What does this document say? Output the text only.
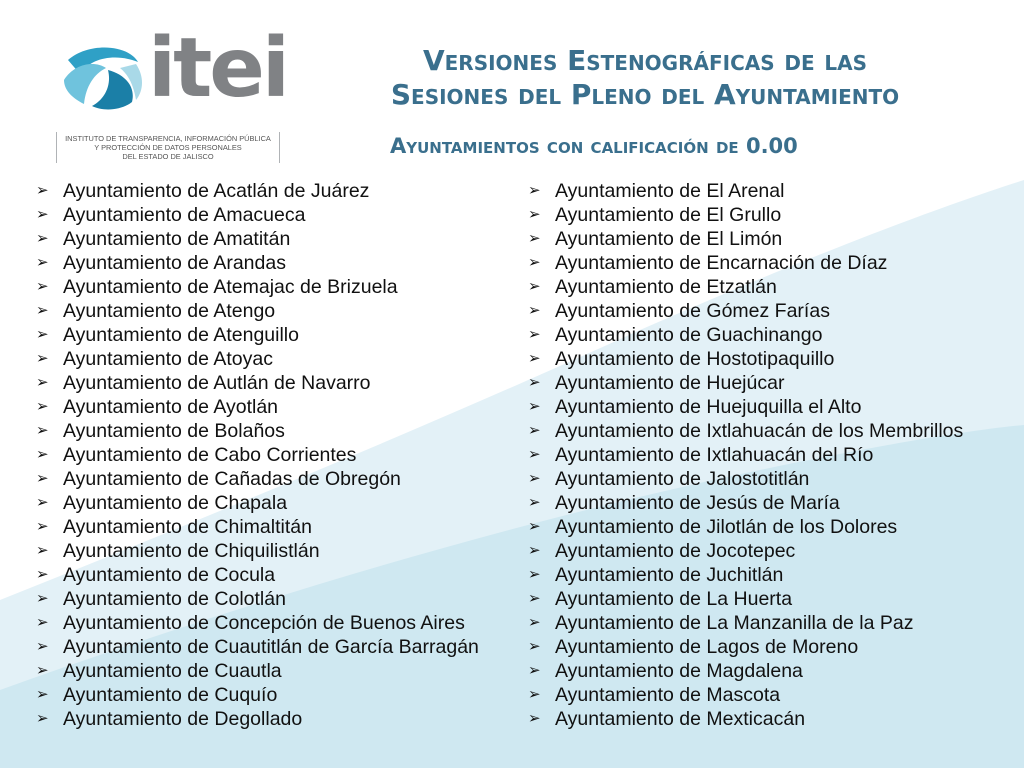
itei
INSTITUTO DE TRANSPARENCIA, INFORMACIÓN PÚBLICA
Y PROTECCIÓN DE DATOS PERSONALES
DEL ESTADO DE JALISCO
Versiones Estenográficas de las
Sesiones del Pleno del Ayuntamiento
Ayuntamientos con calificación de 0.00
➢ Ayuntamiento de Acatlán de Juárez
➢ Ayuntamiento de Amacueca
➢ Ayuntamiento de Amatitán
➢ Ayuntamiento de Arandas
➢ Ayuntamiento de Atemajac de Brizuela
➢ Ayuntamiento de Atengo
➢ Ayuntamiento de Atenguillo
➢ Ayuntamiento de Atoyac
➢ Ayuntamiento de Autlán de Navarro
➢ Ayuntamiento de Ayotlán
➢ Ayuntamiento de Bolaños
➢ Ayuntamiento de Cabo Corrientes
➢ Ayuntamiento de Cañadas de Obregón
➢ Ayuntamiento de Chapala
➢ Ayuntamiento de Chimaltitán
➢ Ayuntamiento de Chiquilistlán
➢ Ayuntamiento de Cocula
➢ Ayuntamiento de Colotlán
➢ Ayuntamiento de Concepción de Buenos Aires
➢ Ayuntamiento de Cuautitlán de García Barragán
➢ Ayuntamiento de Cuautla
➢ Ayuntamiento de Cuquío
➢ Ayuntamiento de Degollado
➢ Ayuntamiento de El Arenal
➢ Ayuntamiento de El Grullo
➢ Ayuntamiento de El Limón
➢ Ayuntamiento de Encarnación de Díaz
➢ Ayuntamiento de Etzatlán
➢ Ayuntamiento de Gómez Farías
➢ Ayuntamiento de Guachinango
➢ Ayuntamiento de Hostotipaquillo
➢ Ayuntamiento de Huejúcar
➢ Ayuntamiento de Huejuquilla el Alto
➢ Ayuntamiento de Ixtlahuacán de los Membrillos
➢ Ayuntamiento de Ixtlahuacán del Río
➢ Ayuntamiento de Jalostotitlán
➢ Ayuntamiento de Jesús de María
➢ Ayuntamiento de Jilotlán de los Dolores
➢ Ayuntamiento de Jocotepec
➢ Ayuntamiento de Juchitlán
➢ Ayuntamiento de La Huerta
➢ Ayuntamiento de La Manzanilla de la Paz
➢ Ayuntamiento de Lagos de Moreno
➢ Ayuntamiento de Magdalena
➢ Ayuntamiento de Mascota
➢ Ayuntamiento de Mexticacán
